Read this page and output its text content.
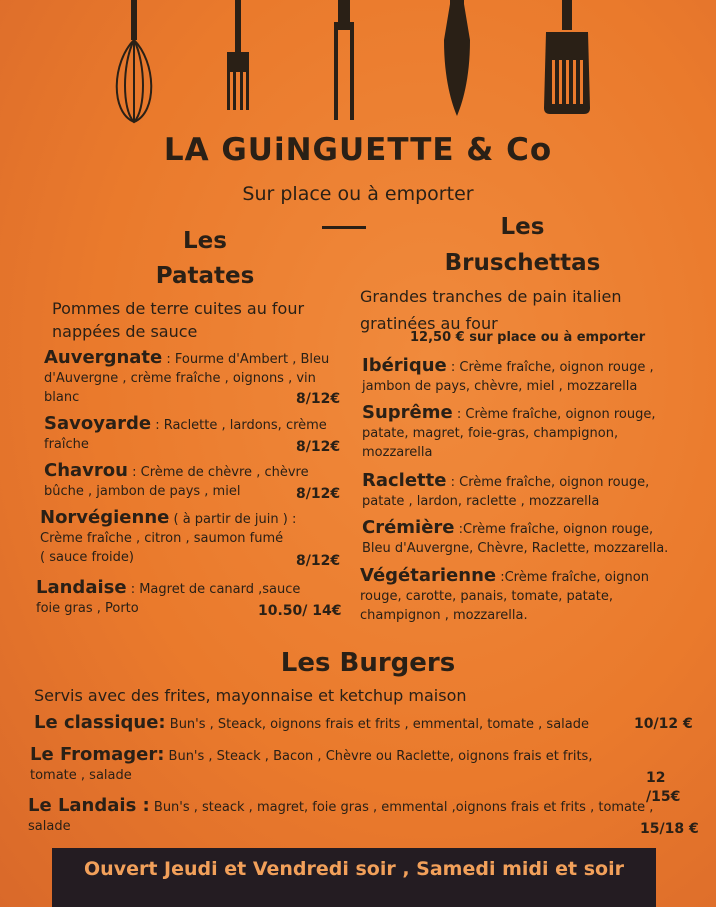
LA GUiNGUETTE & Co
Sur place ou à emporter
Les
Patates
Pommes de terre cuites au four
nappées de sauce
Auvergnate : Fourme d'Ambert , Bleu
d'Auvergne , crème fraîche , oignons , vin
blanc	8/12€
Savoyarde : Raclette , lardons, crème
fraîche	8/12€
Chavrou : Crème de chèvre , chèvre
bûche , jambon de pays , miel	8/12€
Norvégienne ( à partir de juin ) :
Crème fraîche , citron , saumon fumé
( sauce froide)	8/12€
Landaise : Magret de canard ,sauce
foie gras , Porto	10.50/ 14€
Les
Bruschettas
Grandes tranches de pain italien
gratinées au four
12,50 € sur place ou à emporter
Ibérique : Crème fraîche, oignon rouge ,
jambon de pays, chèvre, miel , mozzarella
Suprême : Crème fraîche, oignon rouge,
patate, magret, foie-gras, champignon,
mozzarella
Raclette : Crème fraîche, oignon rouge,
patate , lardon, raclette , mozzarella
Crémière :Crème fraîche, oignon rouge,
Bleu d'Auvergne, Chèvre, Raclette, mozzarella.
Végétarienne :Crème fraîche, oignon
rouge, carotte, panais, tomate, patate,
champignon , mozzarella.
Les Burgers
Servis avec des frites, mayonnaise et ketchup maison
Le classique: Bun's , Steack, oignons frais et frits , emmental, tomate , salade	10/12 €
Le Fromager: Bun's , Steack , Bacon , Chèvre ou Raclette, oignons frais et frits,
tomate , salade	12 /15€
Le Landais : Bun's , steack , magret, foie gras , emmental ,oignons frais et frits , tomate ,
salade	15/18 €
Ouvert Jeudi et Vendredi soir , Samedi midi et soir
